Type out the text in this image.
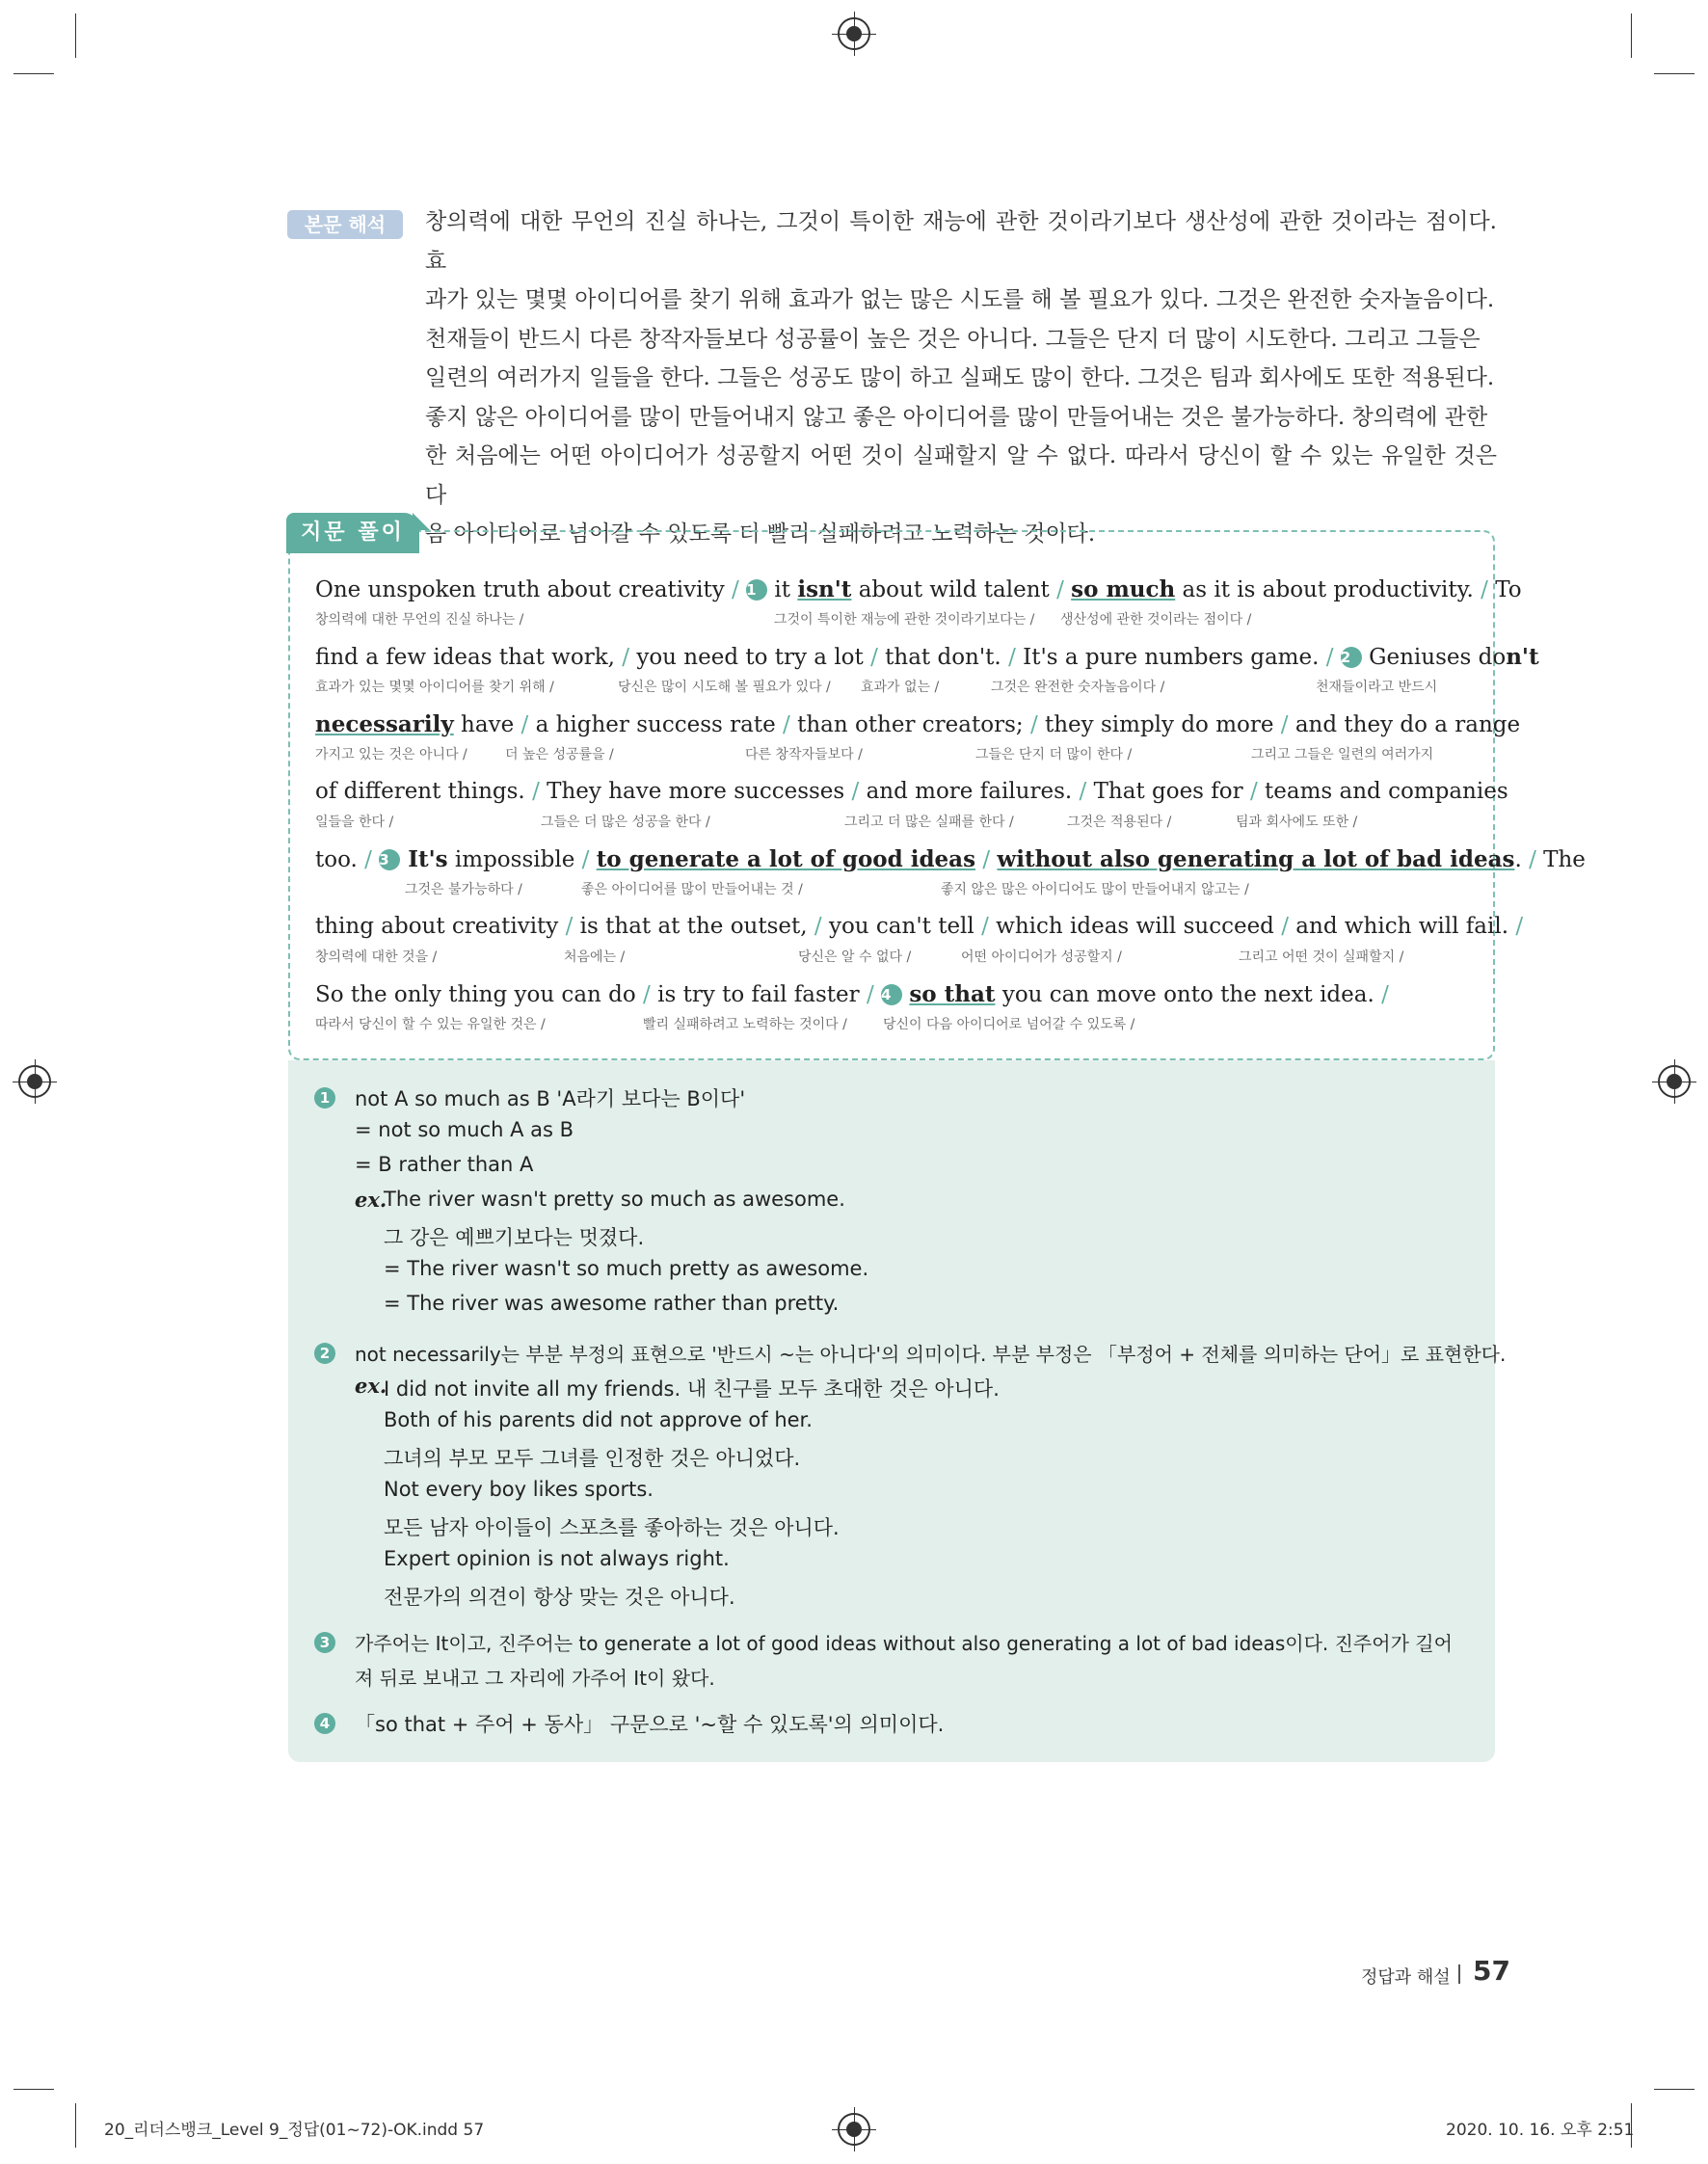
본문 해석	창의력에 대한 무언의 진실 하나는, 그것이 특이한 재능에 관한 것이라기보다 생산성에 관한 것이라는 점이다. 효
과가 있는 몇몇 아이디어를 찾기 위해 효과가 없는 많은 시도를 해 볼 필요가 있다. 그것은 완전한 숫자놀음이다.
천재들이 반드시 다른 창작자들보다 성공률이 높은 것은 아니다. 그들은 단지 더 많이 시도한다. 그리고 그들은
일련의 여러가지 일들을 한다. 그들은 성공도 많이 하고 실패도 많이 한다. 그것은 팀과 회사에도 또한 적용된다.
좋지 않은 아이디어를 많이 만들어내지 않고 좋은 아이디어를 많이 만들어내는 것은 불가능하다. 창의력에 관한
한 처음에는 어떤 아이디어가 성공할지 어떤 것이 실패할지 알 수 없다. 따라서 당신이 할 수 있는 유일한 것은 다
음 아이디어로 넘어갈 수 있도록 더 빨리 실패하려고 노력하는 것이다.
지문 풀이
One unspoken truth about creativity / 1 it isn't about wild talent / so much as it is about productivity. / To
창의력에 대한 무언의 진실 하나는 /	그것이 특이한 재능에 관한 것이라기보다는 / 생산성에 관한 것이라는 점이다 /
find a few ideas that work, / you need to try a lot / that don't. / It's a pure numbers game. / 2 Geniuses don't
효과가 있는 몇몇 아이디어를 찾기 위해 /	당신은 많이 시도해 볼 필요가 있다 / 효과가 없는 /	그것은 완전한 숫자놀음이다 /	천재들이라고 반드시
necessarily have / a higher success rate / than other creators; / they simply do more / and they do a range
가지고 있는 것은 아니다 /	더 높은 성공률을 /	다른 창작자들보다 /	그들은 단지 더 많이 한다 /	그리고 그들은 일련의 여러가지
of different things. / They have more successes / and more failures. / That goes for / teams and companies
일들을 한다 /	그들은 더 많은 성공을 한다 /	그리고 더 많은 실패를 한다 /	그것은 적용된다 /	팀과 회사에도 또한 /
too. / 3 It's impossible / to generate a lot of good ideas / without also generating a lot of bad ideas. / The
그것은 불가능하다 /	좋은 아이디어를 많이 만들어내는 것 /	좋지 않은 많은 아이디어도 많이 만들어내지 않고는 /
thing about creativity / is that at the outset, / you can't tell / which ideas will succeed / and which will fail. /
창의력에 대한 것을 /	처음에는 /	당신은 알 수 없다 /	어떤 아이디어가 성공할지 /	그리고 어떤 것이 실패할지 /
So the only thing you can do / is try to fail faster / 4 so that you can move onto the next idea. /
따라서 당신이 할 수 있는 유일한 것은 /	빨리 실패하려고 노력하는 것이다 /	당신이 다음 아이디어로 넘어갈 수 있도록 /
1 not A so much as B 'A라기 보다는 B이다'
= not so much A as B
= B rather than A
ex.
The river wasn't pretty so much as awesome.
그 강은 예쁘기보다는 멋졌다.
= The river wasn't so much pretty as awesome.
= The river was awesome rather than pretty.
2 not necessarily는 부분 부정의 표현으로 '반드시 ~는 아니다'의 의미이다. 부분 부정은 「부정어 + 전체를 의미하는 단어」로 표현한다.
ex.
I did not invite all my friends. 내 친구를 모두 초대한 것은 아니다.
Both of his parents did not approve of her.
그녀의 부모 모두 그녀를 인정한 것은 아니었다.
Not every boy likes sports.
모든 남자 아이들이 스포츠를 좋아하는 것은 아니다.
Expert opinion is not always right.
전문가의 의견이 항상 맞는 것은 아니다.
3 가주어는 It이고, 진주어는 to generate a lot of good ideas without also generating a lot of bad ideas이다. 진주어가 길어
져 뒤로 보내고 그 자리에 가주어 It이 왔다.
4 「so that + 주어 + 동사」 구문으로 '~할 수 있도록'의 의미이다.
정답과 해설 57
20_리더스뱅크_Level 9_정답(01~72)-OK.indd 57	2020. 10. 16. 오후 2:51
